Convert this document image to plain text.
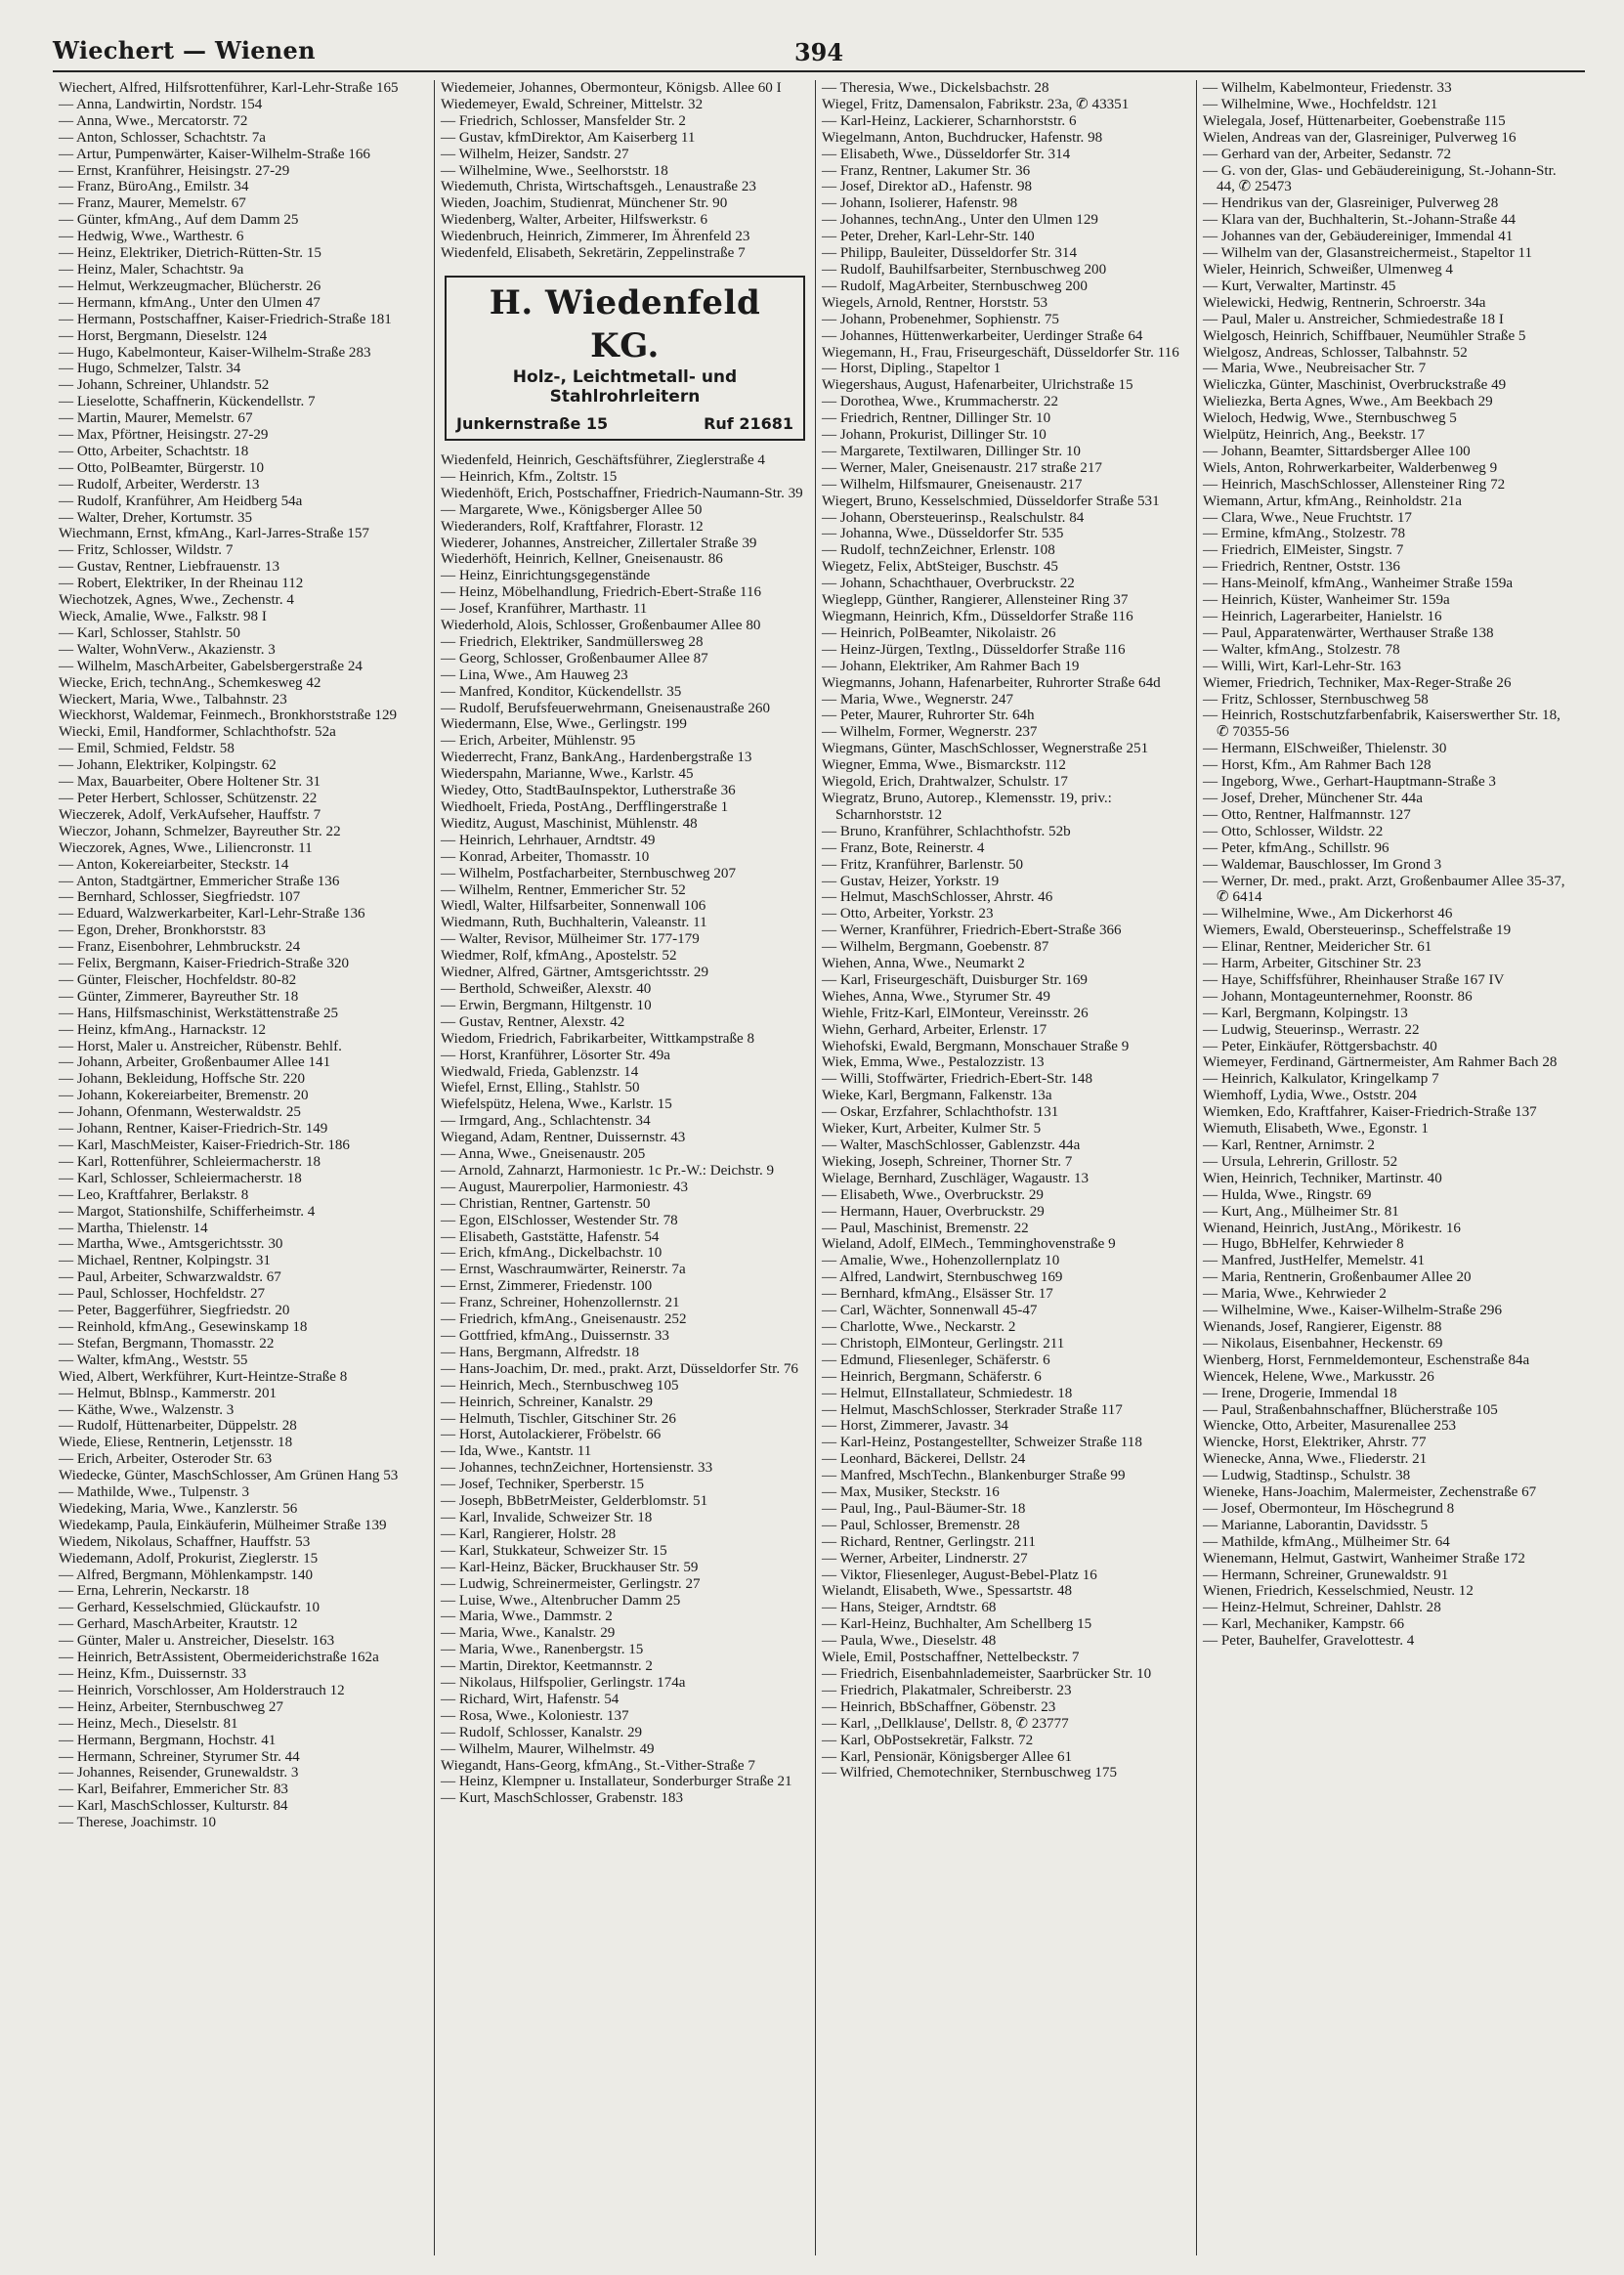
Wiechert — Wienen	394
Wiechert, Alfred, Hilfsrottenführer, Karl-Lehr-Straße 165
— Anna, Landwirtin, Nordstr. 154
— Anna, Wwe., Mercatorstr. 72
— Anton, Schlosser, Schachtstr. 7a
— Artur, Pumpenwärter, Kaiser-Wilhelm-Straße 166
— Ernst, Kranführer, Heisingstr. 27-29
— Franz, BüroAng., Emilstr. 34
— Franz, Maurer, Memelstr. 67
— Günter, kfmAng., Auf dem Damm 25
— Hedwig, Wwe., Warthestr. 6
— Heinz, Elektriker, Dietrich-Rütten-Str. 15
— Heinz, Maler, Schachtstr. 9a
— Helmut, Werkzeugmacher, Blücherstr. 26
— Hermann, kfmAng., Unter den Ulmen 47
— Hermann, Postschaffner, Kaiser-Friedrich-Straße 181
— Horst, Bergmann, Dieselstr. 124
— Hugo, Kabelmonteur, Kaiser-Wilhelm-Straße 283
— Hugo, Schmelzer, Talstr. 34
— Johann, Schreiner, Uhlandstr. 52
— Lieselotte, Schaffnerin, Kückendellstr. 7
— Martin, Maurer, Memelstr. 67
— Max, Pförtner, Heisingstr. 27-29
— Otto, Arbeiter, Schachtstr. 18
— Otto, PolBeamter, Bürgerstr. 10
— Rudolf, Arbeiter, Werderstr. 13
— Rudolf, Kranführer, Am Heidberg 54a
— Walter, Dreher, Kortumstr. 35
Wiechmann, Ernst, kfmAng., Karl-Jarres-Straße 157
— Fritz, Schlosser, Wildstr. 7
— Gustav, Rentner, Liebfrauenstr. 13
— Robert, Elektriker, In der Rheinau 112
Wiechotzek, Agnes, Wwe., Zechenstr. 4
Wieck, Amalie, Wwe., Falkstr. 98 I
— Karl, Schlosser, Stahlstr. 50
— Walter, WohnVerw., Akazienstr. 3
— Wilhelm, MaschArbeiter, Gabelsbergerstraße 24
Wiecke, Erich, technAng., Schemkesweg 42
Wieckert, Maria, Wwe., Talbahnstr. 23
Wieckhorst, Waldemar, Feinmech., Bronkhorststraße 129
Wiecki, Emil, Handformer, Schlachthofstr. 52a
— Emil, Schmied, Feldstr. 58
— Johann, Elektriker, Kolpingstr. 62
— Max, Bauarbeiter, Obere Holtener Str. 31
— Peter Herbert, Schlosser, Schützenstr. 22
Wieczerek, Adolf, VerkAufseher, Hauffstr. 7
Wieczor, Johann, Schmelzer, Bayreuther Str. 22
Wieczorek, Agnes, Wwe., Liliencronstr. 11
— Anton, Kokereiarbeiter, Steckstr. 14
— Anton, Stadtgärtner, Emmericher Straße 136
— Bernhard, Schlosser, Siegfriedstr. 107
— Eduard, Walzwerkarbeiter, Karl-Lehr-Straße 136
— Egon, Dreher, Bronkhorststr. 83
— Franz, Eisenbohrer, Lehmbruckstr. 24
— Felix, Bergmann, Kaiser-Friedrich-Straße 320
— Günter, Fleischer, Hochfeldstr. 80-82
— Günter, Zimmerer, Bayreuther Str. 18
— Hans, Hilfsmaschinist, Werkstättenstraße 25
— Heinz, kfmAng., Harnackstr. 12
— Horst, Maler u. Anstreicher, Rübenstr. Behlf.
— Johann, Arbeiter, Großenbaumer Allee 141
— Johann, Bekleidung, Hoffsche Str. 220
— Johann, Kokereiarbeiter, Bremenstr. 20
— Johann, Ofenmann, Westerwaldstr. 25
— Johann, Rentner, Kaiser-Friedrich-Str. 149
— Karl, MaschMeister, Kaiser-Friedrich-Str. 186
— Karl, Rottenführer, Schleiermacherstr. 18
— Karl, Schlosser, Schleiermacherstr. 18
— Leo, Kraftfahrer, Berlakstr. 8
— Margot, Stationshilfe, Schifferheimstr. 4
— Martha, Thielenstr. 14
— Martha, Wwe., Amtsgerichtsstr. 30
— Michael, Rentner, Kolpingstr. 31
— Paul, Arbeiter, Schwarzwaldstr. 67
— Paul, Schlosser, Hochfeldstr. 27
— Peter, Baggerführer, Siegfriedstr. 20
— Reinhold, kfmAng., Gesewinskamp 18
— Stefan, Bergmann, Thomasstr. 22
— Walter, kfmAng., Weststr. 55
Wied, Albert, Werkführer, Kurt-Heintze-Straße 8
— Helmut, Bblnsp., Kammerstr. 201
— Käthe, Wwe., Walzenstr. 3
— Rudolf, Hüttenarbeiter, Düppelstr. 28
Wiede, Eliese, Rentnerin, Letjensstr. 18
— Erich, Arbeiter, Osteroder Str. 63
Wiedecke, Günter, MaschSchlosser, Am Grünen Hang 53
— Mathilde, Wwe., Tulpenstr. 3
Wiedeking, Maria, Wwe., Kanzlerstr. 56
Wiedekamp, Paula, Einkäuferin, Mülheimer Straße 139
Wiedem, Nikolaus, Schaffner, Hauffstr. 53
Wiedemann, Adolf, Prokurist, Zieglerstr. 15
— Alfred, Bergmann, Möhlenkampstr. 140
— Erna, Lehrerin, Neckarstr. 18
— Gerhard, Kesselschmied, Glückaufstr. 10
— Gerhard, MaschArbeiter, Krautstr. 12
— Günter, Maler u. Anstreicher, Dieselstr. 163
— Heinrich, BetrAssistent, Obermeiderichstraße 162a
— Heinz, Kfm., Duissernstr. 33
— Heinrich, Vorschlosser, Am Holderstrauch 12
— Heinz, Arbeiter, Sternbuschweg 27
— Heinz, Mech., Dieselstr. 81
— Hermann, Bergmann, Hochstr. 41
— Hermann, Schreiner, Styrumer Str. 44
— Johannes, Reisender, Grunewaldstr. 3
— Karl, Beifahrer, Emmericher Str. 83
— Karl, MaschSchlosser, Kulturstr. 84
— Therese, Joachimstr. 10
Wiedemeier, Johannes, Obermonteur, Königsb. Allee 60 I
Wiedemeyer, Ewald, Schreiner, Mittelstr. 32
— Friedrich, Schlosser, Mansfelder Str. 2
— Gustav, kfmDirektor, Am Kaiserberg 11
— Wilhelm, Heizer, Sandstr. 27
— Wilhelmine, Wwe., Seelhorststr. 18
Wiedemuth, Christa, Wirtschaftsgeh., Lenaustraße 23
Wieden, Joachim, Studienrat, Münchener Str. 90
Wiedenberg, Walter, Arbeiter, Hilfswerkstr. 6
Wiedenbruch, Heinrich, Zimmerer, Im Ährenfeld 23
Wiedenfeld, Elisabeth, Sekretärin, Zeppelinstraße 7
H. Wiedenfeld KG.
Holz-, Leichtmetall- und
Stahlrohrleitern
Junkernstraße 15	Ruf 21681
Wiedenfeld, Heinrich, Geschäftsführer, Zieglerstraße 4
— Heinrich, Kfm., Zoltstr. 15
Wiedenhöft, Erich, Postschaffner, Friedrich-Naumann-Str. 39
— Margarete, Wwe., Königsberger Allee 50
Wiederanders, Rolf, Kraftfahrer, Florastr. 12
Wiederer, Johannes, Anstreicher, Zillertaler Straße 39
Wiederhöft, Heinrich, Kellner, Gneisenaustr. 86
— Heinz, Einrichtungsgegenstände
— Heinz, Möbelhandlung, Friedrich-Ebert-Straße 116
— Josef, Kranführer, Marthastr. 11
Wiederhold, Alois, Schlosser, Großenbaumer Allee 80
— Friedrich, Elektriker, Sandmüllersweg 28
— Georg, Schlosser, Großenbaumer Allee 87
— Lina, Wwe., Am Hauweg 23
— Manfred, Konditor, Kückendellstr. 35
— Rudolf, Berufsfeuerwehrmann, Gneisenaustraße 260
Wiedermann, Else, Wwe., Gerlingstr. 199
— Erich, Arbeiter, Mühlenstr. 95
Wiederrecht, Franz, BankAng., Hardenbergstraße 13
Wiederspahn, Marianne, Wwe., Karlstr. 45
Wiedey, Otto, StadtBauInspektor, Lutherstraße 36
Wiedhoelt, Frieda, PostAng., Derfflingerstraße 1
Wieditz, August, Maschinist, Mühlenstr. 48
— Heinrich, Lehrhauer, Arndtstr. 49
— Konrad, Arbeiter, Thomasstr. 10
— Wilhelm, Postfacharbeiter, Sternbuschweg 207
— Wilhelm, Rentner, Emmericher Str. 52
Wiedl, Walter, Hilfsarbeiter, Sonnenwall 106
Wiedmann, Ruth, Buchhalterin, Valeanstr. 11
— Walter, Revisor, Mülheimer Str. 177-179
Wiedmer, Rolf, kfmAng., Apostelstr. 52
Wiedner, Alfred, Gärtner, Amtsgerichtsstr. 29
— Berthold, Schweißer, Alexstr. 40
— Erwin, Bergmann, Hiltgenstr. 10
— Gustav, Rentner, Alexstr. 42
Wiedom, Friedrich, Fabrikarbeiter, Wittkampstraße 8
— Horst, Kranführer, Lösorter Str. 49a
Wiedwald, Frieda, Gablenzstr. 14
Wiefel, Ernst, Elling., Stahlstr. 50
Wiefelspütz, Helena, Wwe., Karlstr. 15
— Irmgard, Ang., Schlachtenstr. 34
Wiegand, Adam, Rentner, Duissernstr. 43
— Anna, Wwe., Gneisenaustr. 205
— Arnold, Zahnarzt, Harmoniestr. 1c Pr.-W.: Deichstr. 9
— August, Maurerpolier, Harmoniestr. 43
— Christian, Rentner, Gartenstr. 50
— Egon, ElSchlosser, Westender Str. 78
— Elisabeth, Gaststätte, Hafenstr. 54
— Erich, kfmAng., Dickelbachstr. 10
— Ernst, Waschraumwärter, Reinerstr. 7a
— Ernst, Zimmerer, Friedenstr. 100
— Franz, Schreiner, Hohenzollernstr. 21
— Friedrich, kfmAng., Gneisenaustr. 252
— Gottfried, kfmAng., Duissernstr. 33
— Hans, Bergmann, Alfredstr. 18
— Hans-Joachim, Dr. med., prakt. Arzt, Düsseldorfer Str. 76
— Heinrich, Mech., Sternbuschweg 105
— Heinrich, Schreiner, Kanalstr. 29
— Helmuth, Tischler, Gitschiner Str. 26
— Horst, Autolackierer, Fröbelstr. 66
— Ida, Wwe., Kantstr. 11
— Johannes, technZeichner, Hortensienstr. 33
— Josef, Techniker, Sperberstr. 15
— Joseph, BbBetrMeister, Gelderblomstr. 51
— Karl, Invalide, Schweizer Str. 18
— Karl, Rangierer, Holstr. 28
— Karl, Stukkateur, Schweizer Str. 15
— Karl-Heinz, Bäcker, Bruckhauser Str. 59
— Ludwig, Schreinermeister, Gerlingstr. 27
— Luise, Wwe., Altenbrucher Damm 25
— Maria, Wwe., Dammstr. 2
— Maria, Wwe., Kanalstr. 29
— Maria, Wwe., Ranenbergstr. 15
— Martin, Direktor, Keetmannstr. 2
— Nikolaus, Hilfspolier, Gerlingstr. 174a
— Richard, Wirt, Hafenstr. 54
— Rosa, Wwe., Koloniestr. 137
— Rudolf, Schlosser, Kanalstr. 29
— Wilhelm, Maurer, Wilhelmstr. 49
Wiegandt, Hans-Georg, kfmAng., St.-Vither-Straße 7
— Heinz, Klempner u. Installateur, Sonderburger Straße 21
— Kurt, MaschSchlosser, Grabenstr. 183
— Theresia, Wwe., Dickelsbachstr. 28
Wiegel, Fritz, Damensalon, Fabrikstr. 23a, ✆ 43351
— Karl-Heinz, Lackierer, Scharnhorststr. 6
Wiegelmann, Anton, Buchdrucker, Hafenstr. 98
— Elisabeth, Wwe., Düsseldorfer Str. 314
— Franz, Rentner, Lakumer Str. 36
— Josef, Direktor aD., Hafenstr. 98
— Johann, Isolierer, Hafenstr. 98
— Johannes, technAng., Unter den Ulmen 129
— Peter, Dreher, Karl-Lehr-Str. 140
— Philipp, Bauleiter, Düsseldorfer Str. 314
— Rudolf, Bauhilfsarbeiter, Sternbuschweg 200
— Rudolf, MagArbeiter, Sternbuschweg 200
Wiegels, Arnold, Rentner, Horststr. 53
— Johann, Probenehmer, Sophienstr. 75
— Johannes, Hüttenwerkarbeiter, Uerdinger Straße 64
Wiegemann, H., Frau, Friseurgeschäft, Düsseldorfer Str. 116
— Horst, Dipling., Stapeltor 1
Wiegershaus, August, Hafenarbeiter, Ulrichstraße 15
— Dorothea, Wwe., Krummacherstr. 22
— Friedrich, Rentner, Dillinger Str. 10
— Johann, Prokurist, Dillinger Str. 10
— Margarete, Textilwaren, Dillinger Str. 10
— Werner, Maler, Gneisenaustr. 217 straße 217
— Wilhelm, Hilfsmaurer, Gneisenaustr. 217
Wiegert, Bruno, Kesselschmied, Düsseldorfer Straße 531
— Johann, Obersteuerinsp., Realschulstr. 84
— Johanna, Wwe., Düsseldorfer Str. 535
— Rudolf, technZeichner, Erlenstr. 108
Wiegetz, Felix, AbtSteiger, Buschstr. 45
— Johann, Schachthauer, Overbruckstr. 22
Wieglepp, Günther, Rangierer, Allensteiner Ring 37
Wiegmann, Heinrich, Kfm., Düsseldorfer Straße 116
— Heinrich, PolBeamter, Nikolaistr. 26
— Heinz-Jürgen, Textlng., Düsseldorfer Straße 116
— Johann, Elektriker, Am Rahmer Bach 19
Wiegmanns, Johann, Hafenarbeiter, Ruhrorter Straße 64d
— Maria, Wwe., Wegnerstr. 247
— Peter, Maurer, Ruhrorter Str. 64h
— Wilhelm, Former, Wegnerstr. 237
Wiegmans, Günter, MaschSchlosser, Wegnerstraße 251
Wiegner, Emma, Wwe., Bismarckstr. 112
Wiegold, Erich, Drahtwalzer, Schulstr. 17
Wiegratz, Bruno, Autorep., Klemensstr. 19, priv.: Scharnhorststr. 12
— Bruno, Kranführer, Schlachthofstr. 52b
— Franz, Bote, Reinerstr. 4
— Fritz, Kranführer, Barlenstr. 50
— Gustav, Heizer, Yorkstr. 19
— Helmut, MaschSchlosser, Ahrstr. 46
— Otto, Arbeiter, Yorkstr. 23
— Werner, Kranführer, Friedrich-Ebert-Straße 366
— Wilhelm, Bergmann, Goebenstr. 87
Wiehen, Anna, Wwe., Neumarkt 2
— Karl, Friseurgeschäft, Duisburger Str. 169
Wiehes, Anna, Wwe., Styrumer Str. 49
Wiehle, Fritz-Karl, ElMonteur, Vereinsstr. 26
Wiehn, Gerhard, Arbeiter, Erlenstr. 17
Wiehofski, Ewald, Bergmann, Monschauer Straße 9
Wiek, Emma, Wwe., Pestalozzistr. 13
— Willi, Stoffwärter, Friedrich-Ebert-Str. 148
Wieke, Karl, Bergmann, Falkenstr. 13a
— Oskar, Erzfahrer, Schlachthofstr. 131
Wieker, Kurt, Arbeiter, Kulmer Str. 5
— Walter, MaschSchlosser, Gablenzstr. 44a
Wieking, Joseph, Schreiner, Thorner Str. 7
Wielage, Bernhard, Zuschläger, Wagaustr. 13
— Elisabeth, Wwe., Overbruckstr. 29
— Hermann, Hauer, Overbruckstr. 29
— Paul, Maschinist, Bremenstr. 22
Wieland, Adolf, ElMech., Temminghovenstraße 9
— Amalie, Wwe., Hohenzollernplatz 10
— Alfred, Landwirt, Sternbuschweg 169
— Bernhard, kfmAng., Elsässer Str. 17
— Carl, Wächter, Sonnenwall 45-47
— Charlotte, Wwe., Neckarstr. 2
— Christoph, ElMonteur, Gerlingstr. 211
— Edmund, Fliesenleger, Schäferstr. 6
— Heinrich, Bergmann, Schäferstr. 6
— Helmut, ElInstallateur, Schmiedestr. 18
— Helmut, MaschSchlosser, Sterkrader Straße 117
— Horst, Zimmerer, Javastr. 34
— Karl-Heinz, Postangestellter, Schweizer Straße 118
— Leonhard, Bäckerei, Dellstr. 24
— Manfred, MschTechn., Blankenburger Straße 99
— Max, Musiker, Steckstr. 16
— Paul, Ing., Paul-Bäumer-Str. 18
— Paul, Schlosser, Bremenstr. 28
— Richard, Rentner, Gerlingstr. 211
— Werner, Arbeiter, Lindnerstr. 27
— Viktor, Fliesenleger, August-Bebel-Platz 16
Wielandt, Elisabeth, Wwe., Spessartstr. 48
— Hans, Steiger, Arndtstr. 68
— Karl-Heinz, Buchhalter, Am Schellberg 15
— Paula, Wwe., Dieselstr. 48
Wiele, Emil, Postschaffner, Nettelbeckstr. 7
— Friedrich, Eisenbahnlademeister, Saarbrücker Str. 10
— Friedrich, Plakatmaler, Schreiberstr. 23
— Heinrich, BbSchaffner, Göbenstr. 23
— Karl, ,,Dellklause', Dellstr. 8, ✆ 23777
— Karl, ObPostsekretär, Falkstr. 72
— Karl, Pensionär, Königsberger Allee 61
— Wilfried, Chemotechniker, Sternbuschweg 175
— Wilhelm, Kabelmonteur, Friedenstr. 33
— Wilhelmine, Wwe., Hochfeldstr. 121
Wielegala, Josef, Hüttenarbeiter, Goebenstraße 115
Wielen, Andreas van der, Glasreiniger, Pulverweg 16
— Gerhard van der, Arbeiter, Sedanstr. 72
— G. von der, Glas- und Gebäudereinigung, St.-Johann-Str. 44, ✆ 25473
— Hendrikus van der, Glasreiniger, Pulverweg 28
— Klara van der, Buchhalterin, St.-Johann-Straße 44
— Johannes van der, Gebäudereiniger, Immendal 41
— Wilhelm van der, Glasanstreichermeist., Stapeltor 11
Wieler, Heinrich, Schweißer, Ulmenweg 4
— Kurt, Verwalter, Martinstr. 45
Wielewicki, Hedwig, Rentnerin, Schroerstr. 34a
— Paul, Maler u. Anstreicher, Schmiedestraße 18 I
Wielgosch, Heinrich, Schiffbauer, Neumühler Straße 5
Wielgosz, Andreas, Schlosser, Talbahnstr. 52
— Maria, Wwe., Neubreisacher Str. 7
Wieliczka, Günter, Maschinist, Overbruckstraße 49
Wieliezka, Berta Agnes, Wwe., Am Beekbach 29
Wieloch, Hedwig, Wwe., Sternbuschweg 5
Wielpütz, Heinrich, Ang., Beekstr. 17
— Johann, Beamter, Sittardsberger Allee 100
Wiels, Anton, Rohrwerkarbeiter, Walderbenweg 9
— Heinrich, MaschSchlosser, Allensteiner Ring 72
Wiemann, Artur, kfmAng., Reinholdstr. 21a
— Clara, Wwe., Neue Fruchtstr. 17
— Ermine, kfmAng., Stolzestr. 78
— Friedrich, ElMeister, Singstr. 7
— Friedrich, Rentner, Oststr. 136
— Hans-Meinolf, kfmAng., Wanheimer Straße 159a
— Heinrich, Küster, Wanheimer Str. 159a
— Heinrich, Lagerarbeiter, Hanielstr. 16
— Paul, Apparatenwärter, Werthauser Straße 138
— Walter, kfmAng., Stolzestr. 78
— Willi, Wirt, Karl-Lehr-Str. 163
Wiemer, Friedrich, Techniker, Max-Reger-Straße 26
— Fritz, Schlosser, Sternbuschweg 58
— Heinrich, Rostschutzfarbenfabrik, Kaiserswerther Str. 18, ✆ 70355-56
— Hermann, ElSchweißer, Thielenstr. 30
— Horst, Kfm., Am Rahmer Bach 128
— Ingeborg, Wwe., Gerhart-Hauptmann-Straße 3
— Josef, Dreher, Münchener Str. 44a
— Otto, Rentner, Halfmannstr. 127
— Otto, Schlosser, Wildstr. 22
— Peter, kfmAng., Schillstr. 96
— Waldemar, Bauschlosser, Im Grond 3
— Werner, Dr. med., prakt. Arzt, Großenbaumer Allee 35-37, ✆ 6414
— Wilhelmine, Wwe., Am Dickerhorst 46
Wiemers, Ewald, Obersteuerinsp., Scheffelstraße 19
— Elinar, Rentner, Meidericher Str. 61
— Harm, Arbeiter, Gitschiner Str. 23
— Haye, Schiffsführer, Rheinhauser Straße 167 IV
— Johann, Montageunternehmer, Roonstr. 86
— Karl, Bergmann, Kolpingstr. 13
— Ludwig, Steuerinsp., Werrastr. 22
— Peter, Einkäufer, Röttgersbachstr. 40
Wiemeyer, Ferdinand, Gärtnermeister, Am Rahmer Bach 28
— Heinrich, Kalkulator, Kringelkamp 7
Wiemhoff, Lydia, Wwe., Oststr. 204
Wiemken, Edo, Kraftfahrer, Kaiser-Friedrich-Straße 137
Wiemuth, Elisabeth, Wwe., Egonstr. 1
— Karl, Rentner, Arnimstr. 2
— Ursula, Lehrerin, Grillostr. 52
Wien, Heinrich, Techniker, Martinstr. 40
— Hulda, Wwe., Ringstr. 69
— Kurt, Ang., Mülheimer Str. 81
Wienand, Heinrich, JustAng., Mörikestr. 16
— Hugo, BbHelfer, Kehrwieder 8
— Manfred, JustHelfer, Memelstr. 41
— Maria, Rentnerin, Großenbaumer Allee 20
— Maria, Wwe., Kehrwieder 2
— Wilhelmine, Wwe., Kaiser-Wilhelm-Straße 296
Wienands, Josef, Rangierer, Eigenstr. 88
— Nikolaus, Eisenbahner, Heckenstr. 69
Wienberg, Horst, Fernmeldemonteur, Eschenstraße 84a
Wiencek, Helene, Wwe., Markusstr. 26
— Irene, Drogerie, Immendal 18
— Paul, Straßenbahnschaffner, Blücherstraße 105
Wiencke, Otto, Arbeiter, Masurenallee 253
Wiencke, Horst, Elektriker, Ahrstr. 77
Wienecke, Anna, Wwe., Fliederstr. 21
— Ludwig, Stadtinsp., Schulstr. 38
Wieneke, Hans-Joachim, Malermeister, Zechenstraße 67
— Josef, Obermonteur, Im Höschegrund 8
— Marianne, Laborantin, Davidsstr. 5
— Mathilde, kfmAng., Mülheimer Str. 64
Wienemann, Helmut, Gastwirt, Wanheimer Straße 172
— Hermann, Schreiner, Grunewaldstr. 91
Wienen, Friedrich, Kesselschmied, Neustr. 12
— Heinz-Helmut, Schreiner, Dahlstr. 28
— Karl, Mechaniker, Kampstr. 66
— Peter, Bauhelfer, Gravelottestr. 4
